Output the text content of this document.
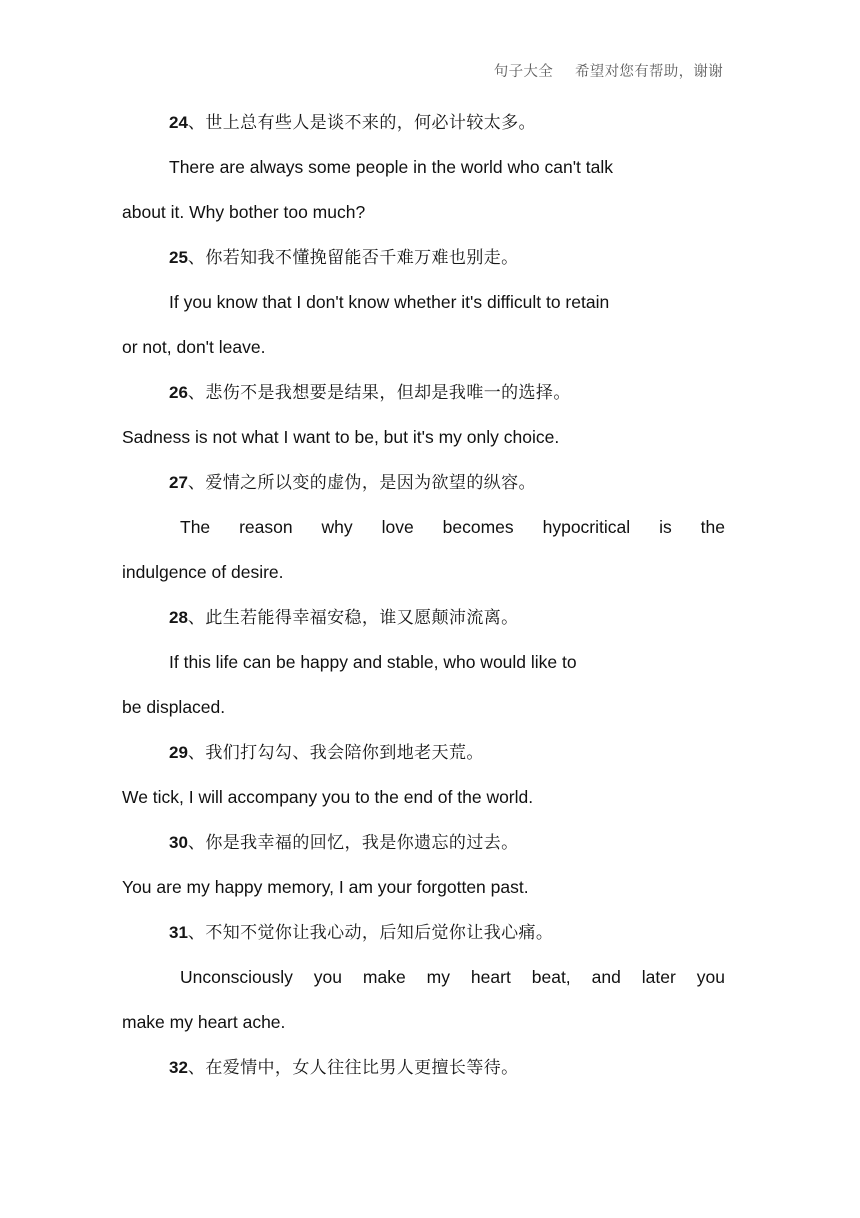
句子大全 希望对您有帮助，谢谢
24、世上总有些人是谈不来的，何必计较太多。
There are always some people in the world who can't talk
about it. Why bother too much?
25、你若知我不懂挽留能否千难万难也别走。
If you know that I don't know whether it's difficult to retain
or not, don't leave.
26、悲伤不是我想要是结果，但却是我唯一的选择。
Sadness is not what I want to be, but it's my only choice.
27、爱情之所以变的虚伪，是因为欲望的纵容。
The reason why love becomes hypocritical is the
indulgence of desire.
28、此生若能得幸福安稳，谁又愿颠沛流离。
If this life can be happy and stable, who would like to
be displaced.
29、我们打勾勾、我会陪你到地老天荒。
We tick, I will accompany you to the end of the world.
30、你是我幸福的回忆，我是你遗忘的过去。
You are my happy memory, I am your forgotten past.
31、不知不觉你让我心动，后知后觉你让我心痛。
Unconsciously you make my heart beat, and later you
make my heart ache.
32、在爱情中，女人往往比男人更擅长等待。
